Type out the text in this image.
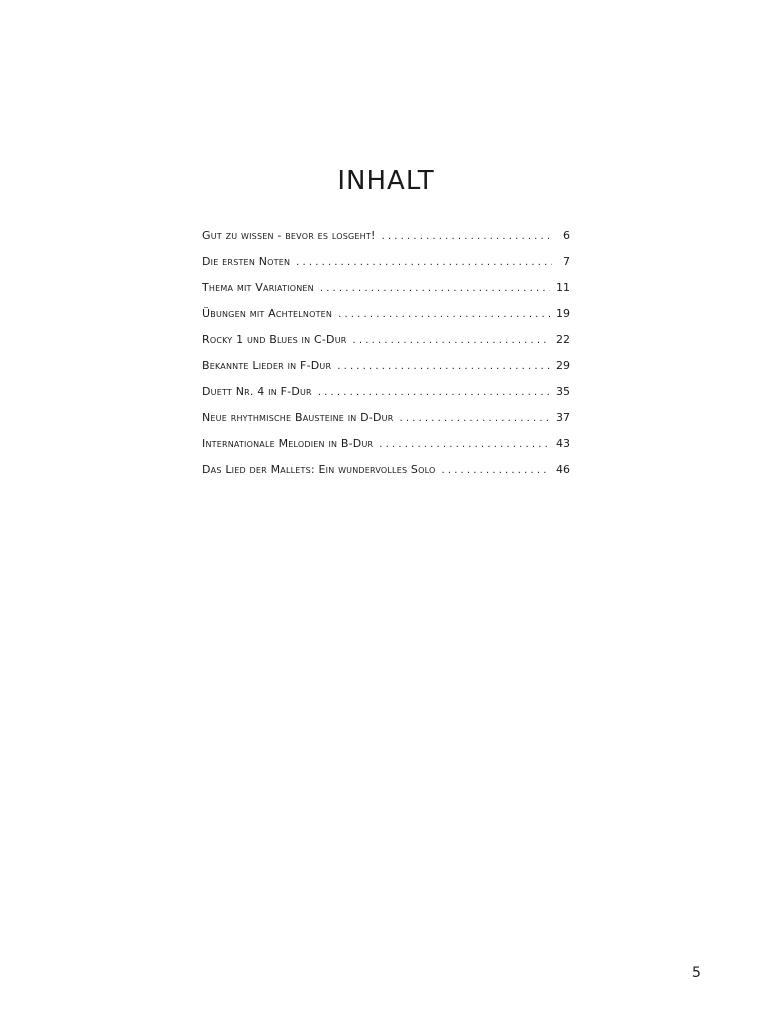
INHALT
Gut zu wissen - bevor es losgeht! . . .	6
Die ersten Noten . . .	7
Thema mit Variationen . . .	11
Übungen mit Achtelnoten . . .	19
Rocky 1 und Blues in C-Dur . . .	22
Bekannte Lieder in F-Dur . . .	29
Duett Nr. 4 in F-Dur . . .	35
Neue rhythmische Bausteine in D-Dur . . .	37
Internationale Melodien in B-Dur . . .	43
Das Lied der Mallets: Ein wundervolles Solo . . .	46
5
